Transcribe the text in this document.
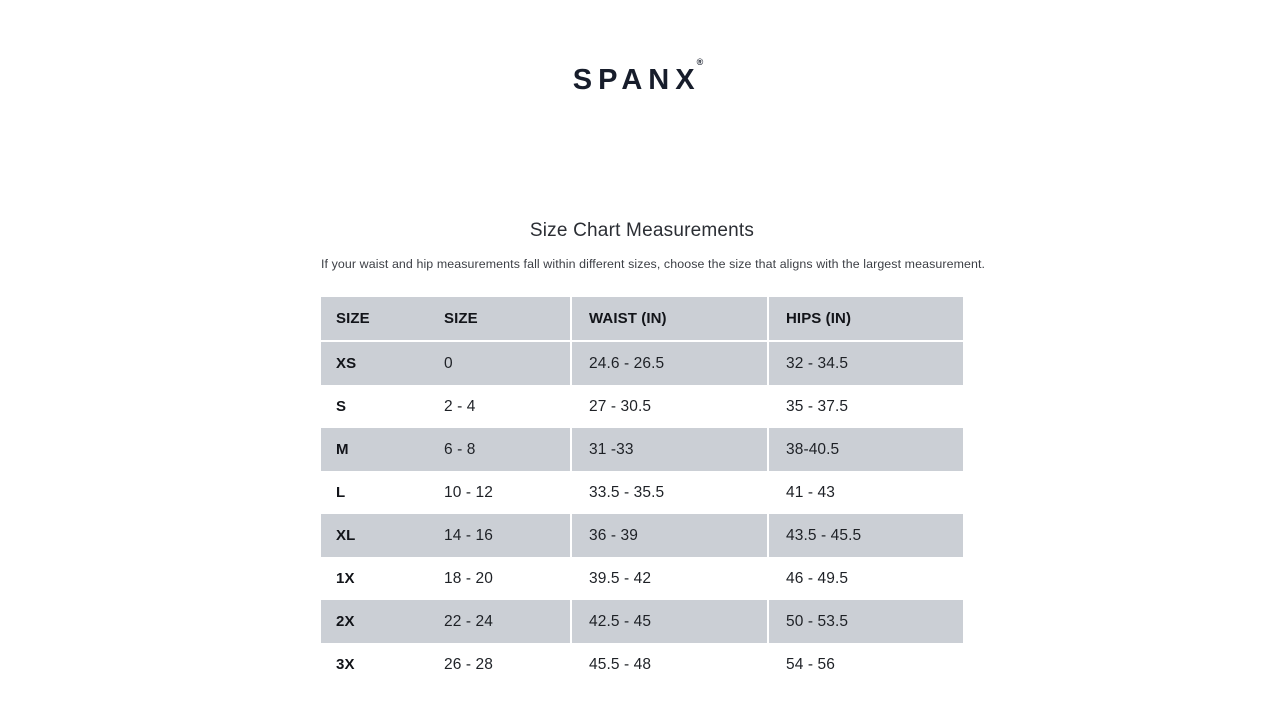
SPANX®
Size Chart Measurements
If your waist and hip measurements fall within different sizes, choose the size that aligns with the largest measurement.
SIZE	SIZE	WAIST (IN)	HIPS (IN)
XS	0	24.6 - 26.5	32 - 34.5
S	2 - 4	27 - 30.5	35 - 37.5
M	6 - 8	31 -33	38-40.5
L	10 - 12	33.5 - 35.5	41 - 43
XL	14 - 16	36 - 39	43.5 - 45.5
1X	18 - 20	39.5 - 42	46 - 49.5
2X	22 - 24	42.5 - 45	50 - 53.5
3X	26 - 28	45.5 - 48	54 - 56
